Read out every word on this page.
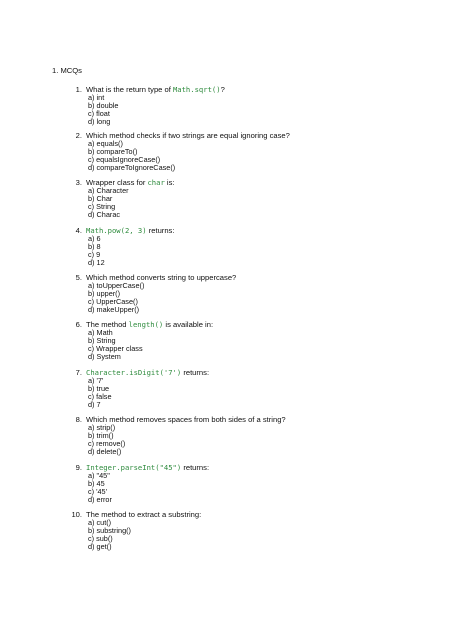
1. MCQs
1. What is the return type of Math.sqrt()?
a) int
b) double
c) float
d) long
2. Which method checks if two strings are equal ignoring case?
a) equals()
b) compareTo()
c) equalsIgnoreCase()
d) compareToIgnoreCase()
3. Wrapper class for char is:
a) Character
b) Char
c) String
d) Charac
4. Math.pow(2, 3) returns:
a) 6
b) 8
c) 9
d) 12
5. Which method converts string to uppercase?
a) toUpperCase()
b) upper()
c) UpperCase()
d) makeUpper()
6. The method length() is available in:
a) Math
b) String
c) Wrapper class
d) System
7. Character.isDigit('7') returns:
a) '7'
b) true
c) false
d) 7
8. Which method removes spaces from both sides of a string?
a) strip()
b) trim()
c) remove()
d) delete()
9. Integer.parseInt("45") returns:
a) "45"
b) 45
c) '45'
d) error
10. The method to extract a substring:
a) cut()
b) substring()
c) sub()
d) get()
